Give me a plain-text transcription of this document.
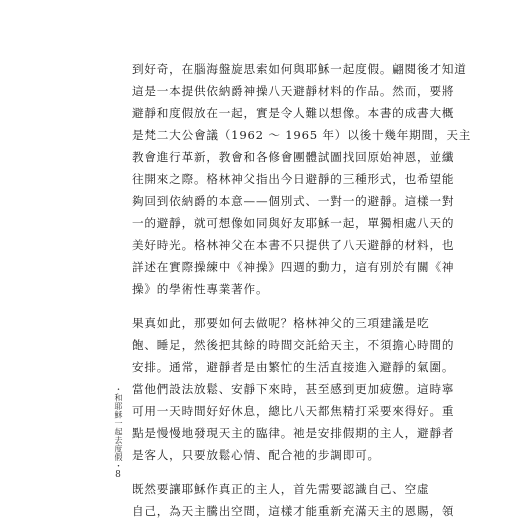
到好奇，在腦海盤旋思索如何與耶穌一起度假。翩閱後才知道
這是一本提供依納爵神操八天避靜材料的作品。然而，要將
避靜和度假放在一起，實是令人難以想像。本書的成書大概
是梵二大公會議（1962 ～ 1965 年）以後十幾年期間，天主
教會進行革新，教會和各修會團體試圖找回原始神恩，並纖
往開來之際。格林神父指出今日避靜的三種形式，也希望能
夠回到依納爵的本意——個別式、一對一的避靜。這樣一對
一的避靜，就可想像如同與好友耶穌一起，單獨相處八天的
美好時光。格林神父在本書不只提供了八天避靜的材料，也
詳述在實際操練中《神操》四週的動力，這有別於有關《神
操》的學術性專業著作。
果真如此，那要如何去做呢？格林神父的三項建議是吃
飽、睡足，然後把其餘的時間交託給天主，不須擔心時間的
安排。通常，避靜者是由繁忙的生活直接進入避靜的氣圍。
當他們設法放鬆、安靜下來時，甚至感到更加疲憊。這時寧
可用一天時間好好休息，總比八天都焦精打采要來得好。重
點是慢慢地發現天主的臨律。祂是安排假期的主人，避靜者
是客人，只要放鬆心情、配合祂的步調即可。
既然要讓耶穌作真正的主人，首先需要認識自己、空虛
自己，為天主騰出空間，這樣才能重新充滿天主的恩賜，領
・和耶穌一起去度假・
8
